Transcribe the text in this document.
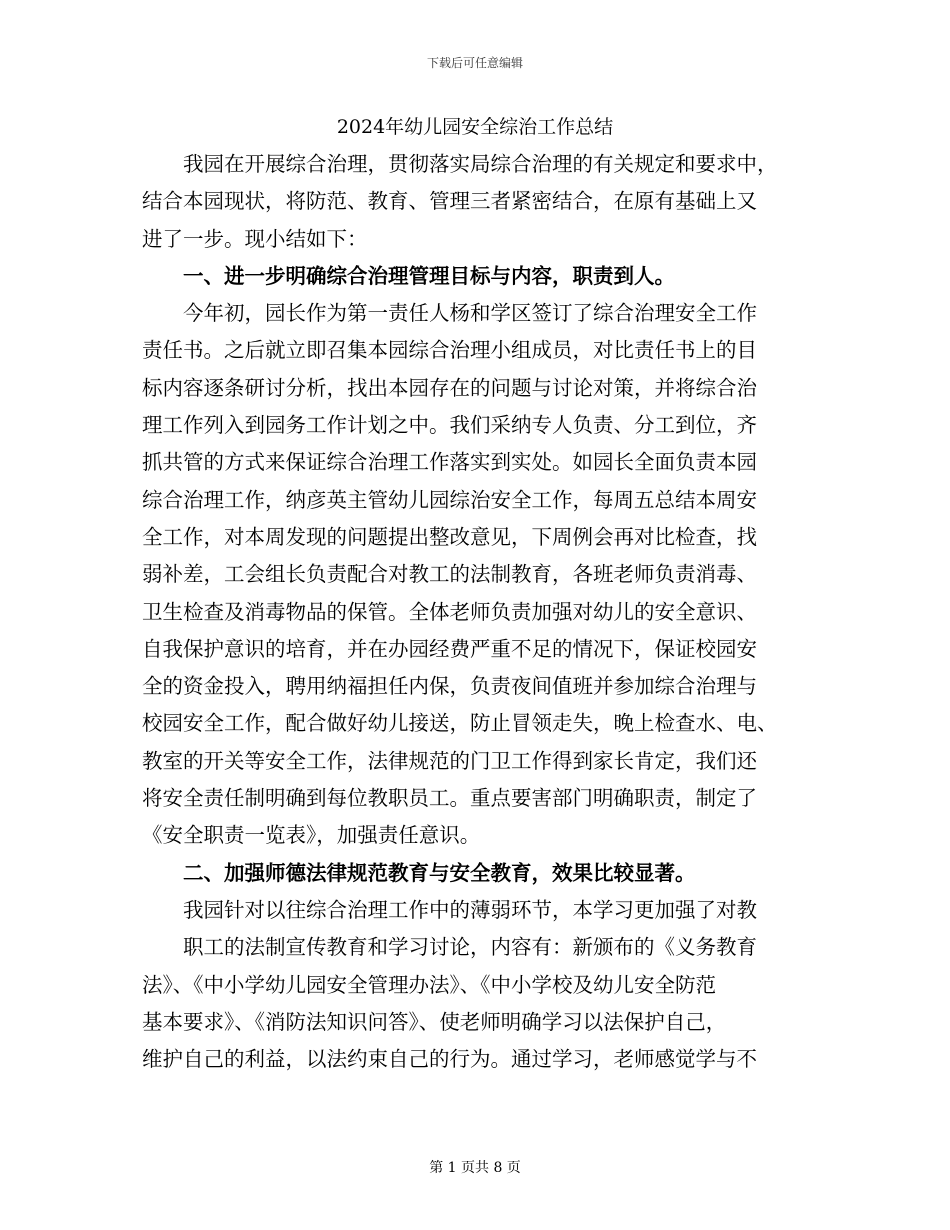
下载后可任意编辑
2024年幼儿园安全综治工作总结
我园在开展综合治理，贯彻落实局综合治理的有关规定和要求中，
结合本园现状，将防范、教育、管理三者紧密结合，在原有基础上又
进了一步。现小结如下：
一、进一步明确综合治理管理目标与内容，职责到人。
今年初，园长作为第一责任人杨和学区签订了综合治理安全工作
责任书。之后就立即召集本园综合治理小组成员，对比责任书上的目
标内容逐条研讨分析，找出本园存在的问题与讨论对策，并将综合治
理工作列入到园务工作计划之中。我们采纳专人负责、分工到位，齐
抓共管的方式来保证综合治理工作落实到实处。如园长全面负责本园
综合治理工作，纳彦英主管幼儿园综治安全工作，每周五总结本周安
全工作，对本周发现的问题提出整改意见，下周例会再对比检查，找
弱补差，工会组长负责配合对教工的法制教育，各班老师负责消毒、
卫生检查及消毒物品的保管。全体老师负责加强对幼儿的安全意识、
自我保护意识的培育，并在办园经费严重不足的情况下，保证校园安
全的资金投入，聘用纳福担任内保，负责夜间值班并参加综合治理与
校园安全工作，配合做好幼儿接送，防止冒领走失，晚上检查水、电、
教室的开关等安全工作，法律规范的门卫工作得到家长肯定，我们还
将安全责任制明确到每位教职员工。重点要害部门明确职责，制定了
《安全职责一览表》，加强责任意识。
二、加强师德法律规范教育与安全教育，效果比较显著。
我园针对以往综合治理工作中的薄弱环节，本学习更加强了对教
职工的法制宣传教育和学习讨论，内容有：新颁布的《义务教育
法》、《中小学幼儿园安全管理办法》、《中小学校及幼儿安全防范
基本要求》、《消防法知识问答》、使老师明确学习以法保护自己，
维护自己的利益，以法约束自己的行为。通过学习，老师感觉学与不
第 1 页共 8 页
